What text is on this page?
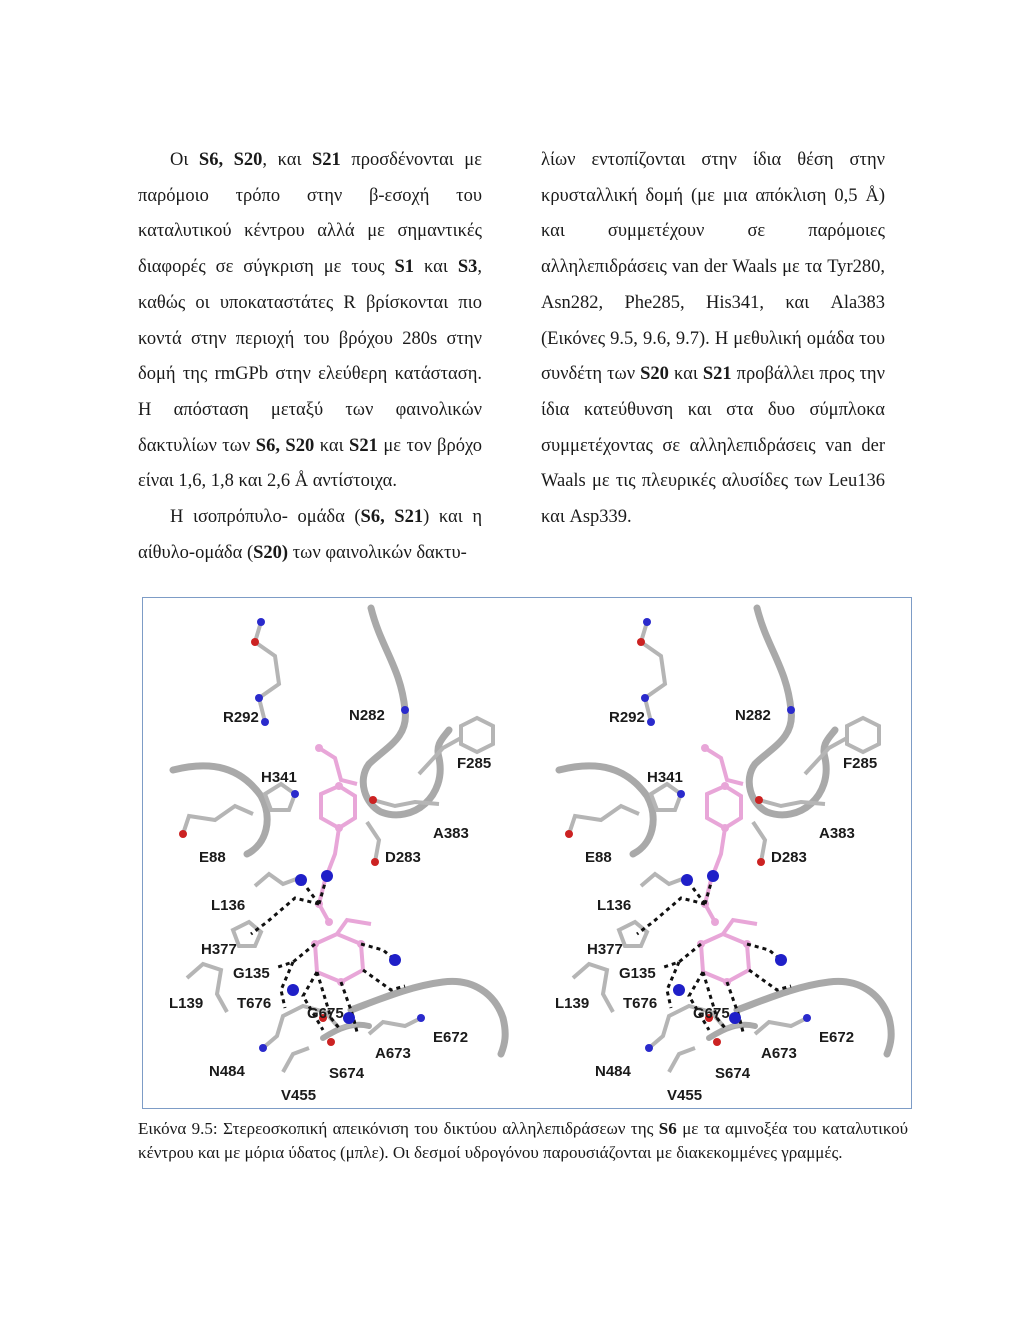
Οι S6, S20, και S21 προσδένονται με παρόμοιο τρόπο στην β-εσοχή του καταλυτικού κέντρου αλλά με σημαντικές διαφορές σε σύγκριση με τους S1 και S3, καθώς οι υποκαταστάτες R βρίσκονται πιο κοντά στην περιοχή του βρόχου 280s στην δομή της rmGPb στην ελεύθερη κατάσταση. Η απόσταση μεταξύ των φαινολικών δακτυλίων των S6, S20 και S21 με τον βρόχο είναι 1,6, 1,8 και 2,6 Å αντίστοιχα.

Η ισοπρόπυλο- ομάδα (S6, S21) και η αίθυλο-ομάδα (S20) των φαινολικών δακτυ-

λίων εντοπίζονται στην ίδια θέση στην κρυσταλλική δομή (με μια απόκλιση 0,5 Å) και συμμετέχουν σε παρόμοιες αλληλεπιδράσεις van der Waals με τα Tyr280, Asn282, Phe285, His341, και Ala383 (Εικόνες 9.5, 9.6, 9.7). Η μεθυλική ομάδα του συνδέτη των S20 και S21 προβάλλει προς την ίδια κατεύθυνση και στα δυο σύμπλοκα συμμετέχοντας σε αλληλεπιδράσεις van der Waals με τις πλευρικές αλυσίδες των Leu136 και Asp339.

R292	N282
H341
F285
A383
E88	D283
L136
H377
G135
L139 T676
G675
E672
A673
S674
N484
V455
R292	N282
H341
F285
A383
E88	D283
L136
H377
G135
L139 T676
G675
E672
A673
S674
N484
V455

Εικόνα 9.5: Στερεοσκοπική απεικόνιση του δικτύου αλληλεπιδράσεων της S6 με τα αμινοξέα του καταλυτικού κέντρου και με μόρια ύδατος (μπλε). Οι δεσμοί υδρογόνου παρουσιάζονται με διακεκομμένες γραμμές.
